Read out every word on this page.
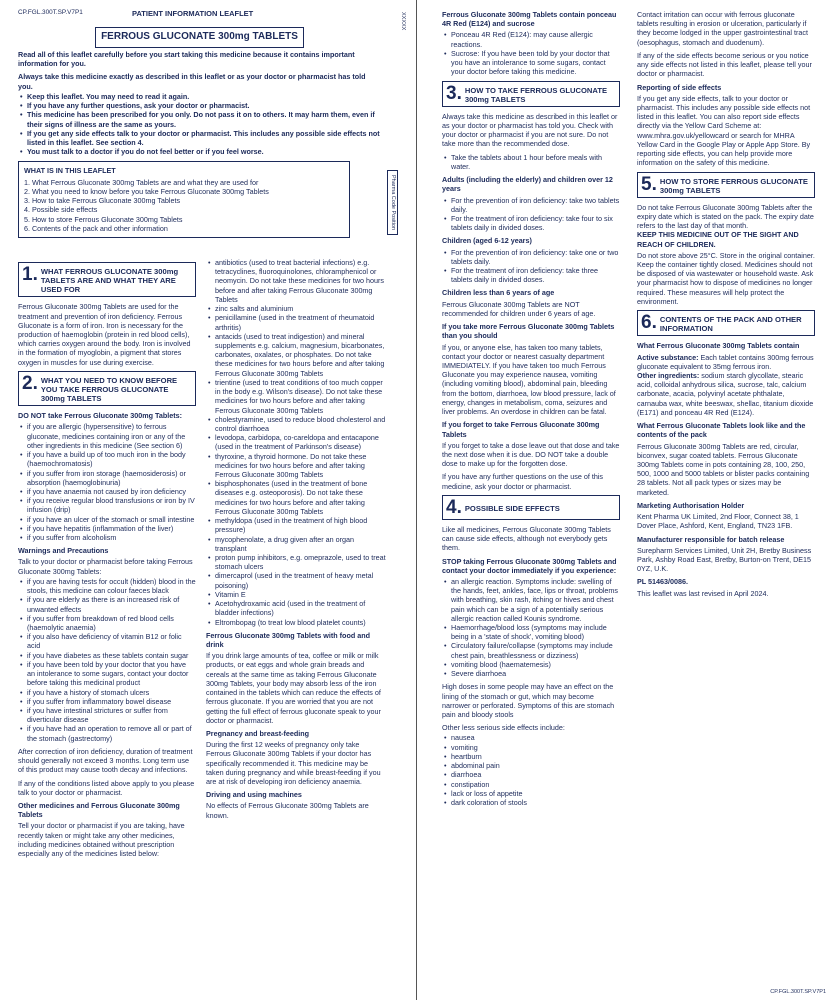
CP.FGL.300T.SP.V7P1	PATIENT INFORMATION LEAFLET
FERROUS GLUCONATE 300mg TABLETS
XXXXX
Pharma Code Position

Read all of this leaflet carefully before you start taking this medicine because it contains important information for you.

Always take this medicine exactly as described in this leaflet or as your doctor or pharmacist has told you.

• Keep this leaflet. You may need to read it again.
• If you have any further questions, ask your doctor or pharmacist.
• This medicine has been prescribed for you only. Do not pass it on to others. It may harm them, even if their signs of illness are the same as yours.
• If you get any side effects talk to your doctor or pharmacist. This includes any possible side effects not listed in this leaflet. See section 4.
• You must talk to a doctor if you do not feel better or if you feel worse.
WHAT IS IN THIS LEAFLET
1. What Ferrous Gluconate 300mg Tablets are and what they are used for
2. What you need to know before you take Ferrous Gluconate 300mg Tablets
3. How to take Ferrous Gluconate 300mg Tablets
4. Possible side effects
5. How to store Ferrous Gluconate 300mg Tablets
6. Contents of the pack and other information
1. WHAT FERROUS GLUCONATE 300mg TABLETS ARE AND WHAT THEY ARE USED FOR

Ferrous Gluconate 300mg Tablets are used for the treatment and prevention of iron deficiency. Ferrous Gluconate is a form of iron. Iron is necessary for the production of haemoglobin (protein in red blood cells), which carries oxygen around the body. Iron is involved in the formation of myoglobin, a pigment that stores oxygen in muscles for use during exercise.

2. WHAT YOU NEED TO KNOW BEFORE YOU TAKE FERROUS GLUCONATE 300mg TABLETS
DO NOT take Ferrous Gluconate 300mg Tablets:
• if you are allergic (hypersensitive) to ferrous gluconate, medicines containing iron or any of the other ingredients in this medicine (See section 6)
• if you have a build up of too much iron in the body (haemochromatosis)
• if you suffer from iron storage (haemosiderosis) or absorption (haemoglobinuria)
• if you have anaemia not caused by iron deficiency
• if you receive regular blood transfusions or iron by IV infusion (drip)
• if you have an ulcer of the stomach or small intestine
• if you have hepatitis (inflammation of the liver)
• if you suffer from alcoholism
Warnings and Precautions

Talk to your doctor or pharmacist before taking Ferrous Gluconate 300mg Tablets:

• if you are having tests for occult (hidden) blood in the stools, this medicine can colour faeces black
• if you are elderly as there is an increased risk of unwanted effects
• if you suffer from breakdown of red blood cells (haemolytic anaemia)
• if you also have deficiency of vitamin B12 or folic acid
• if you have diabetes as these tablets contain sugar
• if you have been told by your doctor that you have an intolerance to some sugars, contact your doctor before taking this medicinal product
• if you have a history of stomach ulcers
• if you suffer from inflammatory bowel disease
• if you have intestinal strictures or suffer from diverticular disease
• if you have had an operation to remove all or part of the stomach (gastrectomy)

After correction of iron deficiency, duration of treatment should generally not exceed 3 months. Long term use of this product may cause tooth decay and infections.

If any of the conditions listed above apply to you please talk to your doctor or pharmacist.

Other medicines and Ferrous Gluconate 300mg Tablets

Tell your doctor or pharmacist if you are taking, have recently taken or might take any other medicines, including medicines obtained without prescription especially any of the medicines listed below:

• antibiotics (used to treat bacterial infections) e.g. tetracyclines, fluoroquinolones, chloramphenicol or neomycin. Do not take these medicines for two hours before and after taking Ferrous Gluconate 300mg Tablets
• zinc salts and aluminium
• penicillamine (used in the treatment of rheumatoid arthritis)
• antacids (used to treat indigestion) and mineral supplements e.g. calcium, magnesium, bicarbonates, carbonates, oxalates, or phosphates. Do not take these medicines for two hours before and after taking Ferrous Gluconate 300mg Tablets
• trientine (used to treat conditions of too much copper in the body e.g. Wilson's disease). Do not take these medicines for two hours before and after taking Ferrous Gluconate 300mg Tablets
• cholestyramine, used to reduce blood cholesterol and control diarrhoea
• levodopa, carbidopa, co-careldopa and entacapone (used in the treatment of Parkinson's disease)
• thyroxine, a thyroid hormone. Do not take these medicines for two hours before and after taking Ferrous Gluconate 300mg Tablets
• bisphosphonates (used in the treatment of bone diseases e.g. osteoporosis). Do not take these medicines for two hours before and after taking Ferrous Gluconate 300mg Tablets
• methyldopa (used in the treatment of high blood pressure)
• mycophenolate, a drug given after an organ transplant
• proton pump inhibitors, e.g. omeprazole, used to treat stomach ulcers
• dimercaprol (used in the treatment of heavy metal poisoning)
• Vitamin E
• Acetohydroxamic acid (used in the treatment of bladder infections)
• Eltrombopag (to treat low blood platelet counts)
Ferrous Gluconate 300mg Tablets with food and drink

If you drink large amounts of tea, coffee or milk or milk products, or eat eggs and whole grain breads and cereals at the same time as taking Ferrous Gluconate 300mg Tablets, your body may absorb less of the iron contained in the tablets which can reduce the effects of ferrous gluconate. If you are worried that you are not getting the full effect of ferrous gluconate speak to your doctor or pharmacist.

Pregnancy and breast-feeding

During the first 12 weeks of pregnancy only take Ferrous Gluconate 300mg Tablets if your doctor has specifically recommended it. This medicine may be taken during pregnancy and while breast-feeding if you are at risk of developing iron deficiency anaemia.

Driving and using machines

No effects of Ferrous Gluconate 300mg Tablets are known.

Ferrous Gluconate 300mg Tablets contain ponceau 4R Red (E124) and sucrose
• Ponceau 4R Red (E124): may cause allergic reactions.
• Sucrose: If you have been told by your doctor that you have an intolerance to some sugars, contact your doctor before taking this medicine.
3. HOW TO TAKE FERROUS GLUCONATE 300mg TABLETS

Always take this medicine as described in this leaflet or as your doctor or pharmacist has told you. Check with your doctor or pharmacist if you are not sure. Do not take more than the recommended dose.

• Take the tablets about 1 hour before meals with water.
Adults (including the elderly) and children over 12 years
• For the prevention of iron deficiency: take two tablets daily.
• For the treatment of iron deficiency: take four to six tablets daily in divided doses.
Children (aged 6-12 years)
• For the prevention of iron deficiency: take one or two tablets daily.
• For the treatment of iron deficiency: take three tablets daily in divided doses.
Children less than 6 years of age

Ferrous Gluconate 300mg Tablets are NOT recommended for children under 6 years of age.

If you take more Ferrous Gluconate 300mg Tablets than you should

If you, or anyone else, has taken too many tablets, contact your doctor or nearest casualty department IMMEDIATELY. If you have taken too much Ferrous Gluconate you may experience nausea, vomiting (including vomiting blood), abdominal pain, bleeding from the bottom, diarrhoea, low blood pressure, lack of energy, changes in metabolism, coma, seizures and liver problems. An overdose in children can be fatal.

If you forget to take Ferrous Gluconate 300mg Tablets

If you forget to take a dose leave out that dose and take the next dose when it is due. DO NOT take a double dose to make up for the forgotten dose.

If you have any further questions on the use of this medicine, ask your doctor or pharmacist.

4. POSSIBLE SIDE EFFECTS

Like all medicines, Ferrous Gluconate 300mg Tablets can cause side effects, although not everybody gets them.

STOP taking Ferrous Gluconate 300mg Tablets and contact your doctor immediately if you experience:
• an allergic reaction. Symptoms include: swelling of the hands, feet, ankles, face, lips or throat, problems with breathing, skin rash, itching or hives and chest pain which can be a sign of a potentially serious allergic reaction called Kounis syndrome.
• Haemorrhage/blood loss (symptoms may include being in a 'state of shock', vomiting blood)
• Circulatory failure/collapse (symptoms may include chest pain, breathlessness or dizziness)
• vomiting blood (haematemesis)
• Severe diarrhoea

High doses in some people may have an effect on the lining of the stomach or gut, which may become narrower or perforated. Symptoms of this are stomach pain and bloody stools

Other less serious side effects include:

• nausea
• vomiting
• heartburn
• abdominal pain
• diarrhoea
• constipation
• lack or loss of appetite
• dark coloration of stools

Contact irritation can occur with ferrous gluconate tablets resulting in erosion or ulceration, particularly if they become lodged in the upper gastrointestinal tract (oesophagus, stomach and duodenum).

If any of the side effects become serious or you notice any side effects not listed in this leaflet, please tell your doctor or pharmacist.

Reporting of side effects

If you get any side effects, talk to your doctor or pharmacist. This includes any possible side effects not listed in this leaflet. You can also report side effects directly via the Yellow Card Scheme at: www.mhra.gov.uk/yellowcard or search for MHRA Yellow Card in the Google Play or Apple App Store. By reporting side effects, you can help provide more information on the safety of this medicine.

5. HOW TO STORE FERROUS GLUCONATE 300mg TABLETS

Do not take Ferrous Gluconate 300mg Tablets after the expiry date which is stated on the pack. The expiry date refers to the last day of that month.

KEEP THIS MEDICINE OUT OF THE SIGHT AND REACH OF CHILDREN.

Do not store above 25°C. Store in the original container. Keep the container tightly closed. Medicines should not be disposed of via wastewater or household waste. Ask your pharmacist how to dispose of medicines no longer required. These measures will help protect the environment.

6. CONTENTS OF THE PACK AND OTHER INFORMATION
What Ferrous Gluconate 300mg Tablets contain

Active substance: Each tablet contains 300mg ferrous gluconate equivalent to 35mg ferrous iron.

Other ingredients: sodium starch glycollate, stearic acid, colloidal anhydrous silica, sucrose, talc, calcium carbonate, acacia, polyvinyl acetate phthalate, carnauba wax, white beeswax, shellac, titanium dioxide (E171) and ponceau 4R Red (E124).

What Ferrous Gluconate Tablets look like and the contents of the pack

Ferrous Gluconate 300mg Tablets are red, circular, biconvex, sugar coated tablets. Ferrous Gluconate 300mg Tablets come in pots containing 28, 100, 250, 500, 1000 and 5000 tablets or blister packs containing 28 tablets. Not all pack types or sizes may be marketed.

Marketing Authorisation Holder

Kent Pharma UK Limited, 2nd Floor, Connect 38, 1 Dover Place, Ashford, Kent, England, TN23 1FB.

Manufacturer responsible for batch release

Surepharm Services Limited, Unit 2H, Bretby Business Park, Ashby Road East, Bretby, Burton-on Trent, DE15 0YZ, U.K.

PL 51463/0086.

This leaflet was last revised in April 2024.

CP.FGL.300T.SP.V7P1
